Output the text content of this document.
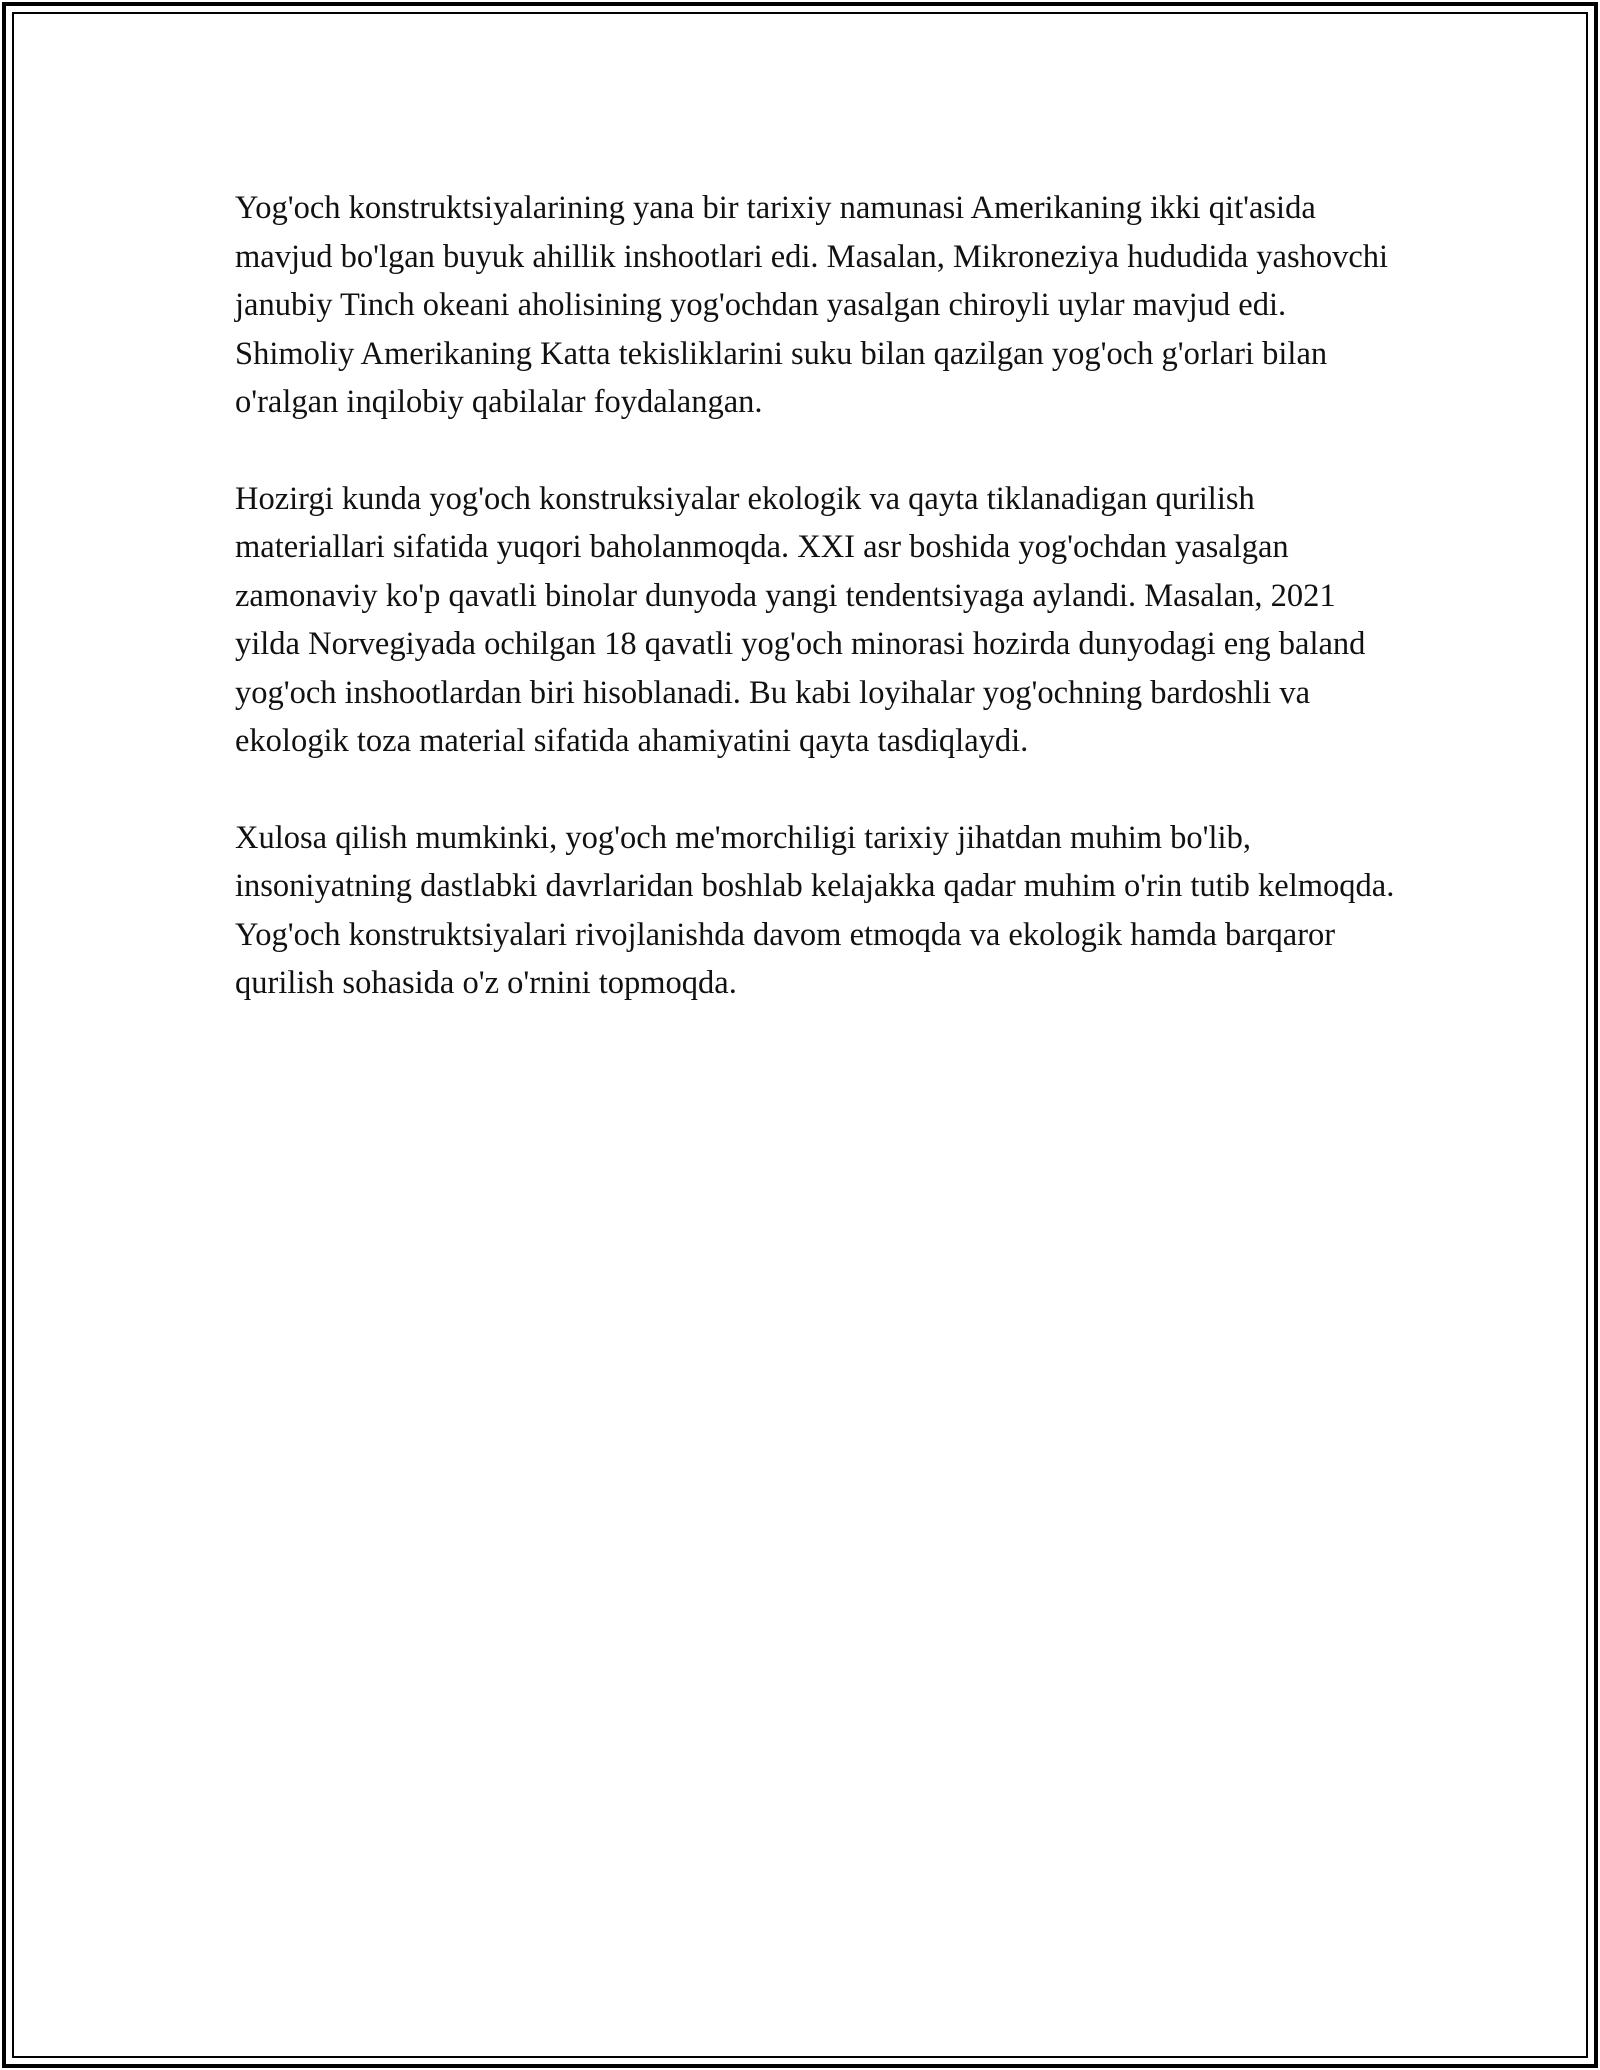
Yog'och konstruktsiyalarining yana bir tarixiy namunasi Amerikaning ikki qit'asida mavjud bo'lgan buyuk ahillik inshootlari edi. Masalan, Mikroneziya hududida yashovchi janubiy Tinch okeani aholisining yog'ochdan yasalgan chiroyli uylar mavjud edi. Shimoliy Amerikaning Katta tekisliklarini suku bilan qazilgan yog'och g'orlari bilan o'ralgan inqilobiy qabilalar foydalangan.

Hozirgi kunda yog'och konstruksiyalar ekologik va qayta tiklanadigan qurilish materiallari sifatida yuqori baholanmoqda. XXI asr boshida yog'ochdan yasalgan zamonaviy ko'p qavatli binolar dunyoda yangi tendentsiyaga aylandi. Masalan, 2021 yilda Norvegiyada ochilgan 18 qavatli yog'och minorasi hozirda dunyodagi eng baland yog'och inshootlardan biri hisoblanadi. Bu kabi loyihalar yog'ochning bardoshli va ekologik toza material sifatida ahamiyatini qayta tasdiqlaydi.

Xulosa qilish mumkinki, yog'och me'morchiligi tarixiy jihatdan muhim bo'lib, insoniyatning dastlabki davrlaridan boshlab kelajakka qadar muhim o'rin tutib kelmoqda. Yog'och konstruktsiyalari rivojlanishda davom etmoqda va ekologik hamda barqaror qurilish sohasida o'z o'rnini topmoqda.
